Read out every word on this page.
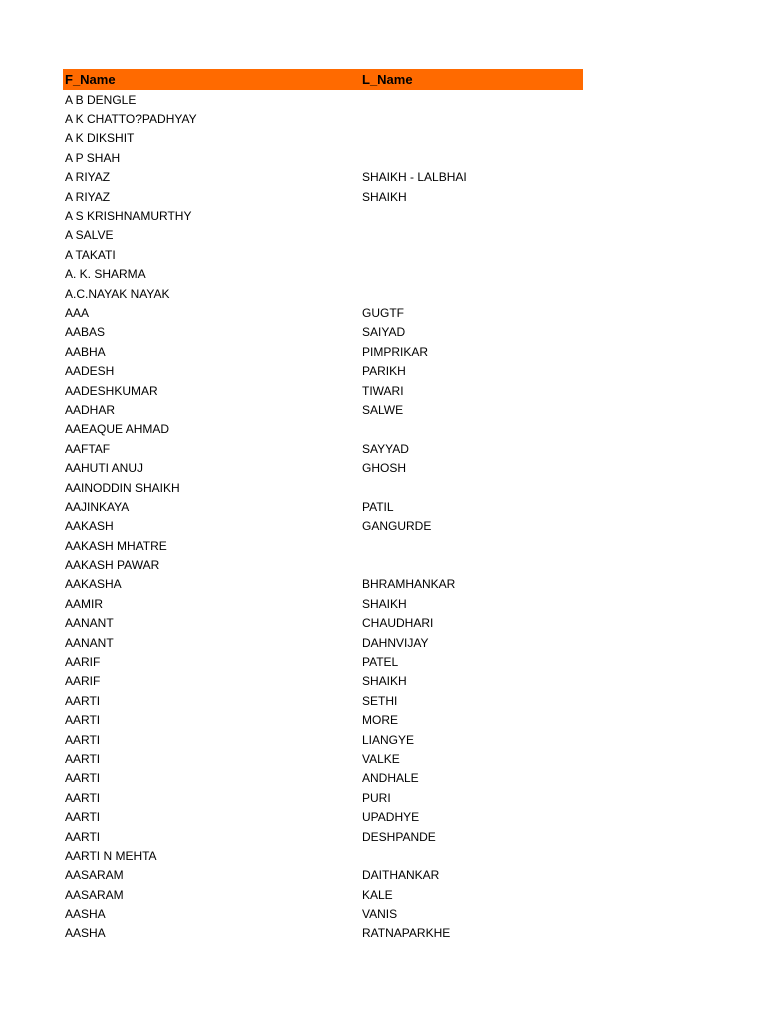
F_Name	L_Name
A B DENGLE
A K CHATTO?PADHYAY
A K DIKSHIT
A P SHAH
A RIYAZ	SHAIKH - LALBHAI
A RIYAZ	SHAIKH
A S KRISHNAMURTHY
A SALVE
A TAKATI
A. K. SHARMA
A.C.NAYAK NAYAK
AAA	GUGTF
AABAS	SAIYAD
AABHA	PIMPRIKAR
AADESH	PARIKH
AADESHKUMAR	TIWARI
AADHAR	SALWE
AAEAQUE AHMAD
AAFTAF	SAYYAD
AAHUTI ANUJ	GHOSH
AAINODDIN SHAIKH
AAJINKAYA	PATIL
AAKASH	GANGURDE
AAKASH MHATRE
AAKASH PAWAR
AAKASHA	BHRAMHANKAR
AAMIR	SHAIKH
AANANT	CHAUDHARI
AANANT	DAHNVIJAY
AARIF	PATEL
AARIF	SHAIKH
AARTI	SETHI
AARTI	MORE
AARTI	LIANGYE
AARTI	VALKE
AARTI	ANDHALE
AARTI	PURI
AARTI	UPADHYE
AARTI	DESHPANDE
AARTI N MEHTA
AASARAM	DAITHANKAR
AASARAM	KALE
AASHA	VANIS
AASHA	RATNAPARKHE
